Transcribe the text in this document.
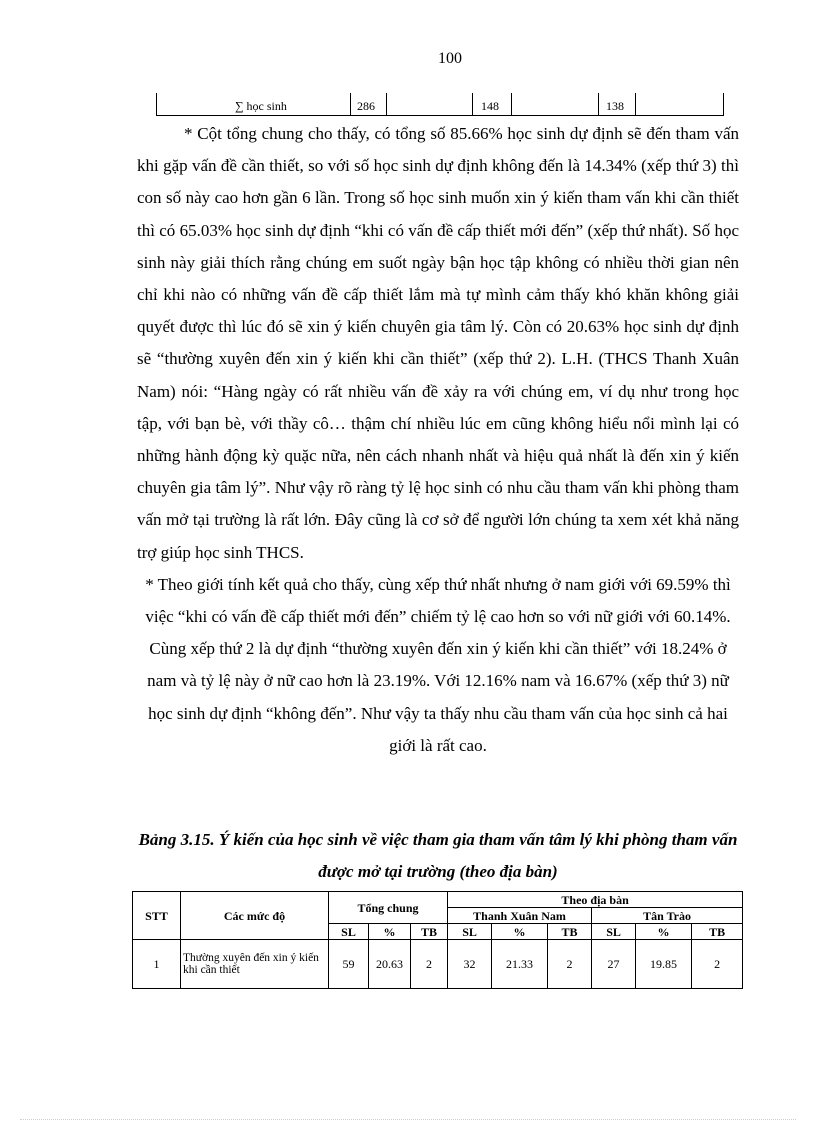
100
∑ học sinh	286	148	138

* Cột tổng chung cho thấy, có tổng số 85.66% học sinh dự định sẽ đến tham vấn khi gặp vấn đề cần thiết, so với số học sinh dự định không đến là 14.34% (xếp thứ 3) thì con số này cao hơn gần 6 lần. Trong số học sinh muốn xin ý kiến tham vấn khi cần thiết thì có 65.03% học sinh dự định “khi có vấn đề cấp thiết mới đến” (xếp thứ nhất). Số học sinh này giải thích rằng chúng em suốt ngày bận học tập không có nhiều thời gian nên chỉ khi nào có những vấn đề cấp thiết lắm mà tự mình cảm thấy khó khăn không giải quyết được thì lúc đó sẽ xin ý kiến chuyên gia tâm lý. Còn có 20.63% học sinh dự định sẽ “thường xuyên đến xin ý kiến khi cần thiết” (xếp thứ 2). L.H. (THCS Thanh Xuân Nam) nói: “Hàng ngày có rất nhiều vấn đề xảy ra với chúng em, ví dụ như trong học tập, với bạn bè, với thầy cô… thậm chí nhiều lúc em cũng không hiểu nổi mình lại có những hành động kỳ quặc nữa, nên cách nhanh nhất và hiệu quả nhất là đến xin ý kiến chuyên gia tâm lý”. Như vậy rõ ràng tỷ lệ học sinh có nhu cầu tham vấn khi phòng tham vấn mở tại trường là rất lớn. Đây cũng là cơ sở để người lớn chúng ta xem xét khả năng trợ giúp học sinh THCS.

* Theo giới tính kết quả cho thấy, cùng xếp thứ nhất nhưng ở nam giới với 69.59% thì việc “khi có vấn đề cấp thiết mới đến” chiếm tỷ lệ cao hơn so với nữ giới với 60.14%. Cùng xếp thứ 2 là dự định “thường xuyên đến xin ý kiến khi cần thiết” với 18.24% ở nam và tỷ lệ này ở nữ cao hơn là 23.19%. Với 12.16% nam và 16.67% (xếp thứ 3) nữ học sinh dự định “không đến”. Như vậy ta thấy nhu cầu tham vấn của học sinh cả hai giới là rất cao.

Bảng 3.15. Ý kiến của học sinh về việc tham gia tham vấn tâm lý khi phòng tham vấn được mở tại trường (theo địa bàn)
STT	Các mức độ	Tổng chung			Theo địa bàn					
					Thanh Xuân Nam			Tân Trào		
		SL	%	TB	SL	%	TB	SL	%	TB
1	Thường xuyên đến xin ý kiến khi cần thiết	59	20.63	2	32	21.33	2	27	19.85	2
